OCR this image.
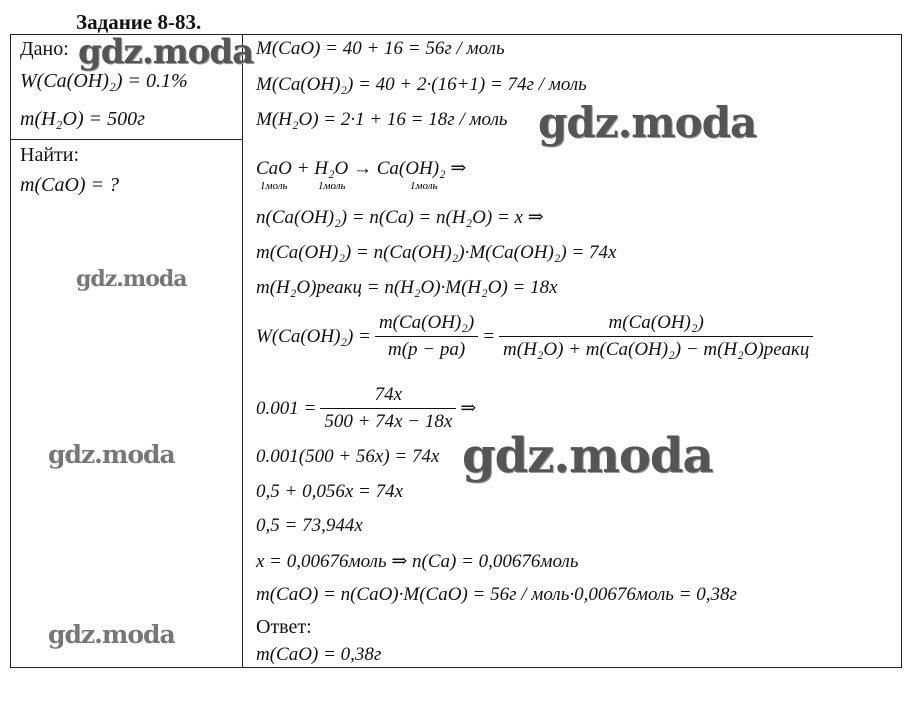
Задание 8-83.
Дано:
W(Ca(OH)₂) = 0.1%
m(H₂O) = 500г
Найти:
m(CaO) = ?
M(CaO) = 40 + 16 = 56г / моль
M(Ca(OH)₂) = 40 + 2·(16+1) = 74г / моль
M(H₂O) = 2·1 + 16 = 18г / моль
CaO + H₂O → Ca(OH)₂ ⇒
1моль	1моль	1моль
n(Ca(OH)₂) = n(Ca) = n(H₂O) = x ⇒
m(Ca(OH)₂) = n(Ca(OH)₂)·M(Ca(OH)₂) = 74x
m(H₂O)реакц = n(H₂O)·M(H₂O) = 18x
$W(Ca(OH)_2) = \frac{\text{m(Ca(OH)₂)}}{m(p - pa)} = \frac{\text{m(Ca(OH)₂)}}{\text{m(H₂O) + m(Ca(OH)₂) − m(H₂O)реакц}}$
$0.001 = \frac{74x}{500 + 74x - 18x}$ ⇒
0.001(500 + 56x) = 74x
0,5 + 0,056x = 74x
0,5 = 73,944x
x = 0,00676моль ⇒ n(Ca) = 0,00676моль
m(CaO) = n(CaO)·M(CaO) = 56г / моль·0,00676моль = 0,38г
Ответ:
m(CaO) = 0,38г
gdz.moda
gdz.moda
gdz.moda
gdz.moda	gdz.moda
gdz.moda
